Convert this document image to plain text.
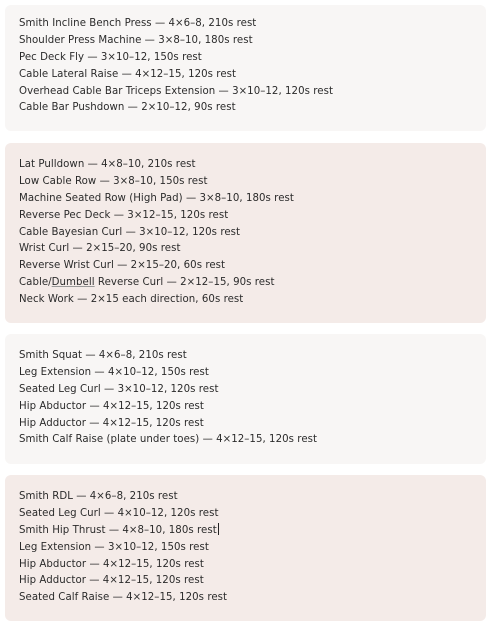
Smith Incline Bench Press — 4×6–8, 210s rest
Shoulder Press Machine — 3×8–10, 180s rest
Pec Deck Fly — 3×10–12, 150s rest
Cable Lateral Raise — 4×12–15, 120s rest
Overhead Cable Bar Triceps Extension — 3×10–12, 120s rest
Cable Bar Pushdown — 2×10–12, 90s rest
Lat Pulldown — 4×8–10, 210s rest
Low Cable Row — 3×8–10, 150s rest
Machine Seated Row (High Pad) — 3×8–10, 180s rest
Reverse Pec Deck — 3×12–15, 120s rest
Cable Bayesian Curl — 3×10–12, 120s rest
Wrist Curl — 2×15–20, 90s rest
Reverse Wrist Curl — 2×15–20, 60s rest
Cable/Dumbell Reverse Curl — 2×12–15, 90s rest
Neck Work — 2×15 each direction, 60s rest
Smith Squat — 4×6–8, 210s rest
Leg Extension — 4×10–12, 150s rest
Seated Leg Curl — 3×10–12, 120s rest
Hip Abductor — 4×12–15, 120s rest
Hip Adductor — 4×12–15, 120s rest
Smith Calf Raise (plate under toes) — 4×12–15, 120s rest
Smith RDL — 4×6–8, 210s rest
Seated Leg Curl — 4×10–12, 120s rest
Smith Hip Thrust — 4×8–10, 180s rest
Leg Extension — 3×10–12, 150s rest
Hip Abductor — 4×12–15, 120s rest
Hip Adductor — 4×12–15, 120s rest
Seated Calf Raise — 4×12–15, 120s rest
